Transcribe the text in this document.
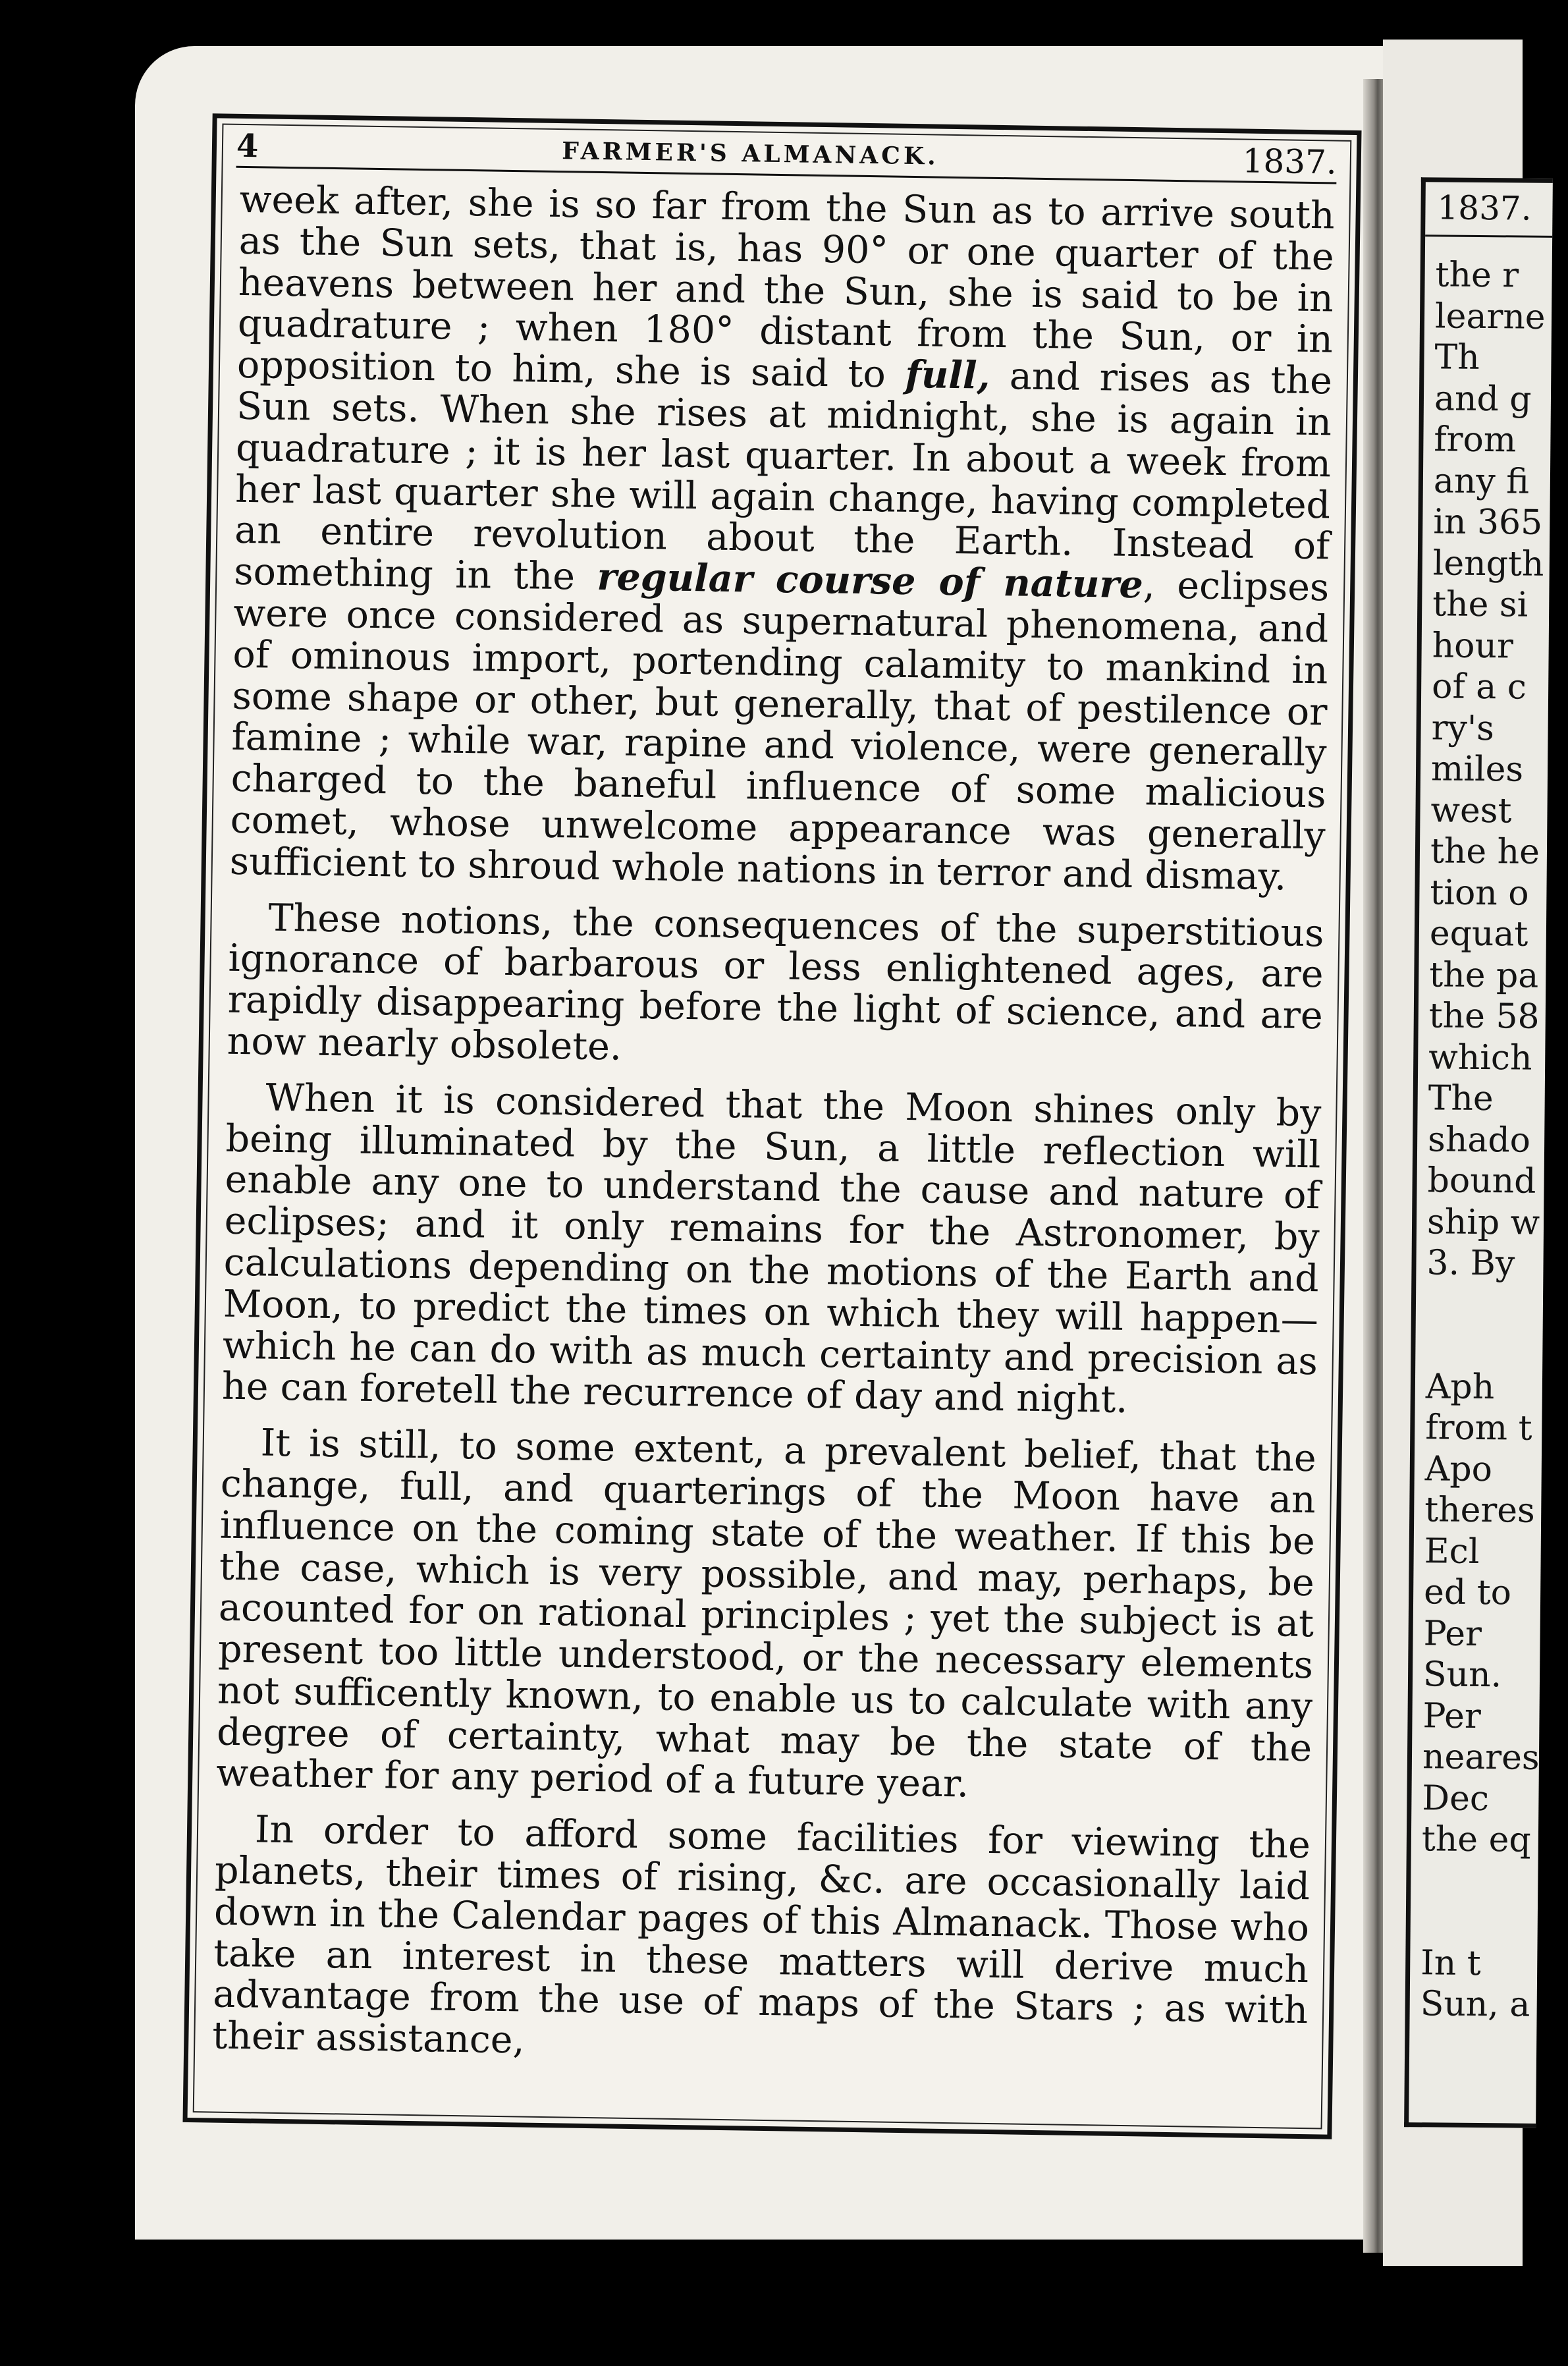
4	FARMER'S ALMANACK.	1837.

week after, she is so far from the Sun as to arrive south as the Sun sets, that is, has 90° or one quarter of the heavens between her and the Sun, she is said to be in quadrature ; when 180° distant from the Sun, or in opposition to him, she is said to full, and rises as the Sun sets. When she rises at midnight, she is again in quadrature ; it is her last quarter. In about a week from her last quarter she will again change, having completed an entire revolution about the Earth. Instead of something in the regular course of nature, eclipses were once considered as supernatural phenomena, and of ominous import, portending calamity to mankind in some shape or other, but generally, that of pestilence or famine ; while war, rapine and violence, were generally charged to the baneful influence of some malicious comet, whose unwelcome appearance was generally sufficient to shroud whole nations in terror and dismay.

These notions, the consequences of the superstitious ignorance of barbarous or less enlightened ages, are rapidly disappearing before the light of science, and are now nearly obsolete.

When it is considered that the Moon shines only by being illuminated by the Sun, a little reflection will enable any one to understand the cause and nature of eclipses; and it only remains for the Astronomer, by calculations depending on the motions of the Earth and Moon, to predict the times on which they will happen—which he can do with as much certainty and precision as he can foretell the recurrence of day and night.

It is still, to some extent, a prevalent belief, that the change, full, and quarterings of the Moon have an influence on the coming state of the weather. If this be the case, which is very possible, and may, perhaps, be acounted for on rational principles ; yet the subject is at present too little understood, or the necessary elements not sufficently known, to enable us to calculate with any degree of certainty, what may be the state of the weather for any period of a future year.

In order to afford some facilities for viewing the planets, their times of rising, &c. are occasionally laid down in the Calendar pages of this Almanack. Those who take an interest in these matters will derive much advantage from the use of maps of the Stars ; as with their assistance,

1837.
the r
learne
Th
and g
from
any fi
in 365
length
the si
hour
of a c
ry's
miles
west
the he
tion o
equat
the pa
the 58
which
The
shado
bound
ship w
3. By

Aph
from t
Apo
theres
Ecl
ed to
Per
Sun.
Per
neares
Dec
the eq

In t
Sun, a
